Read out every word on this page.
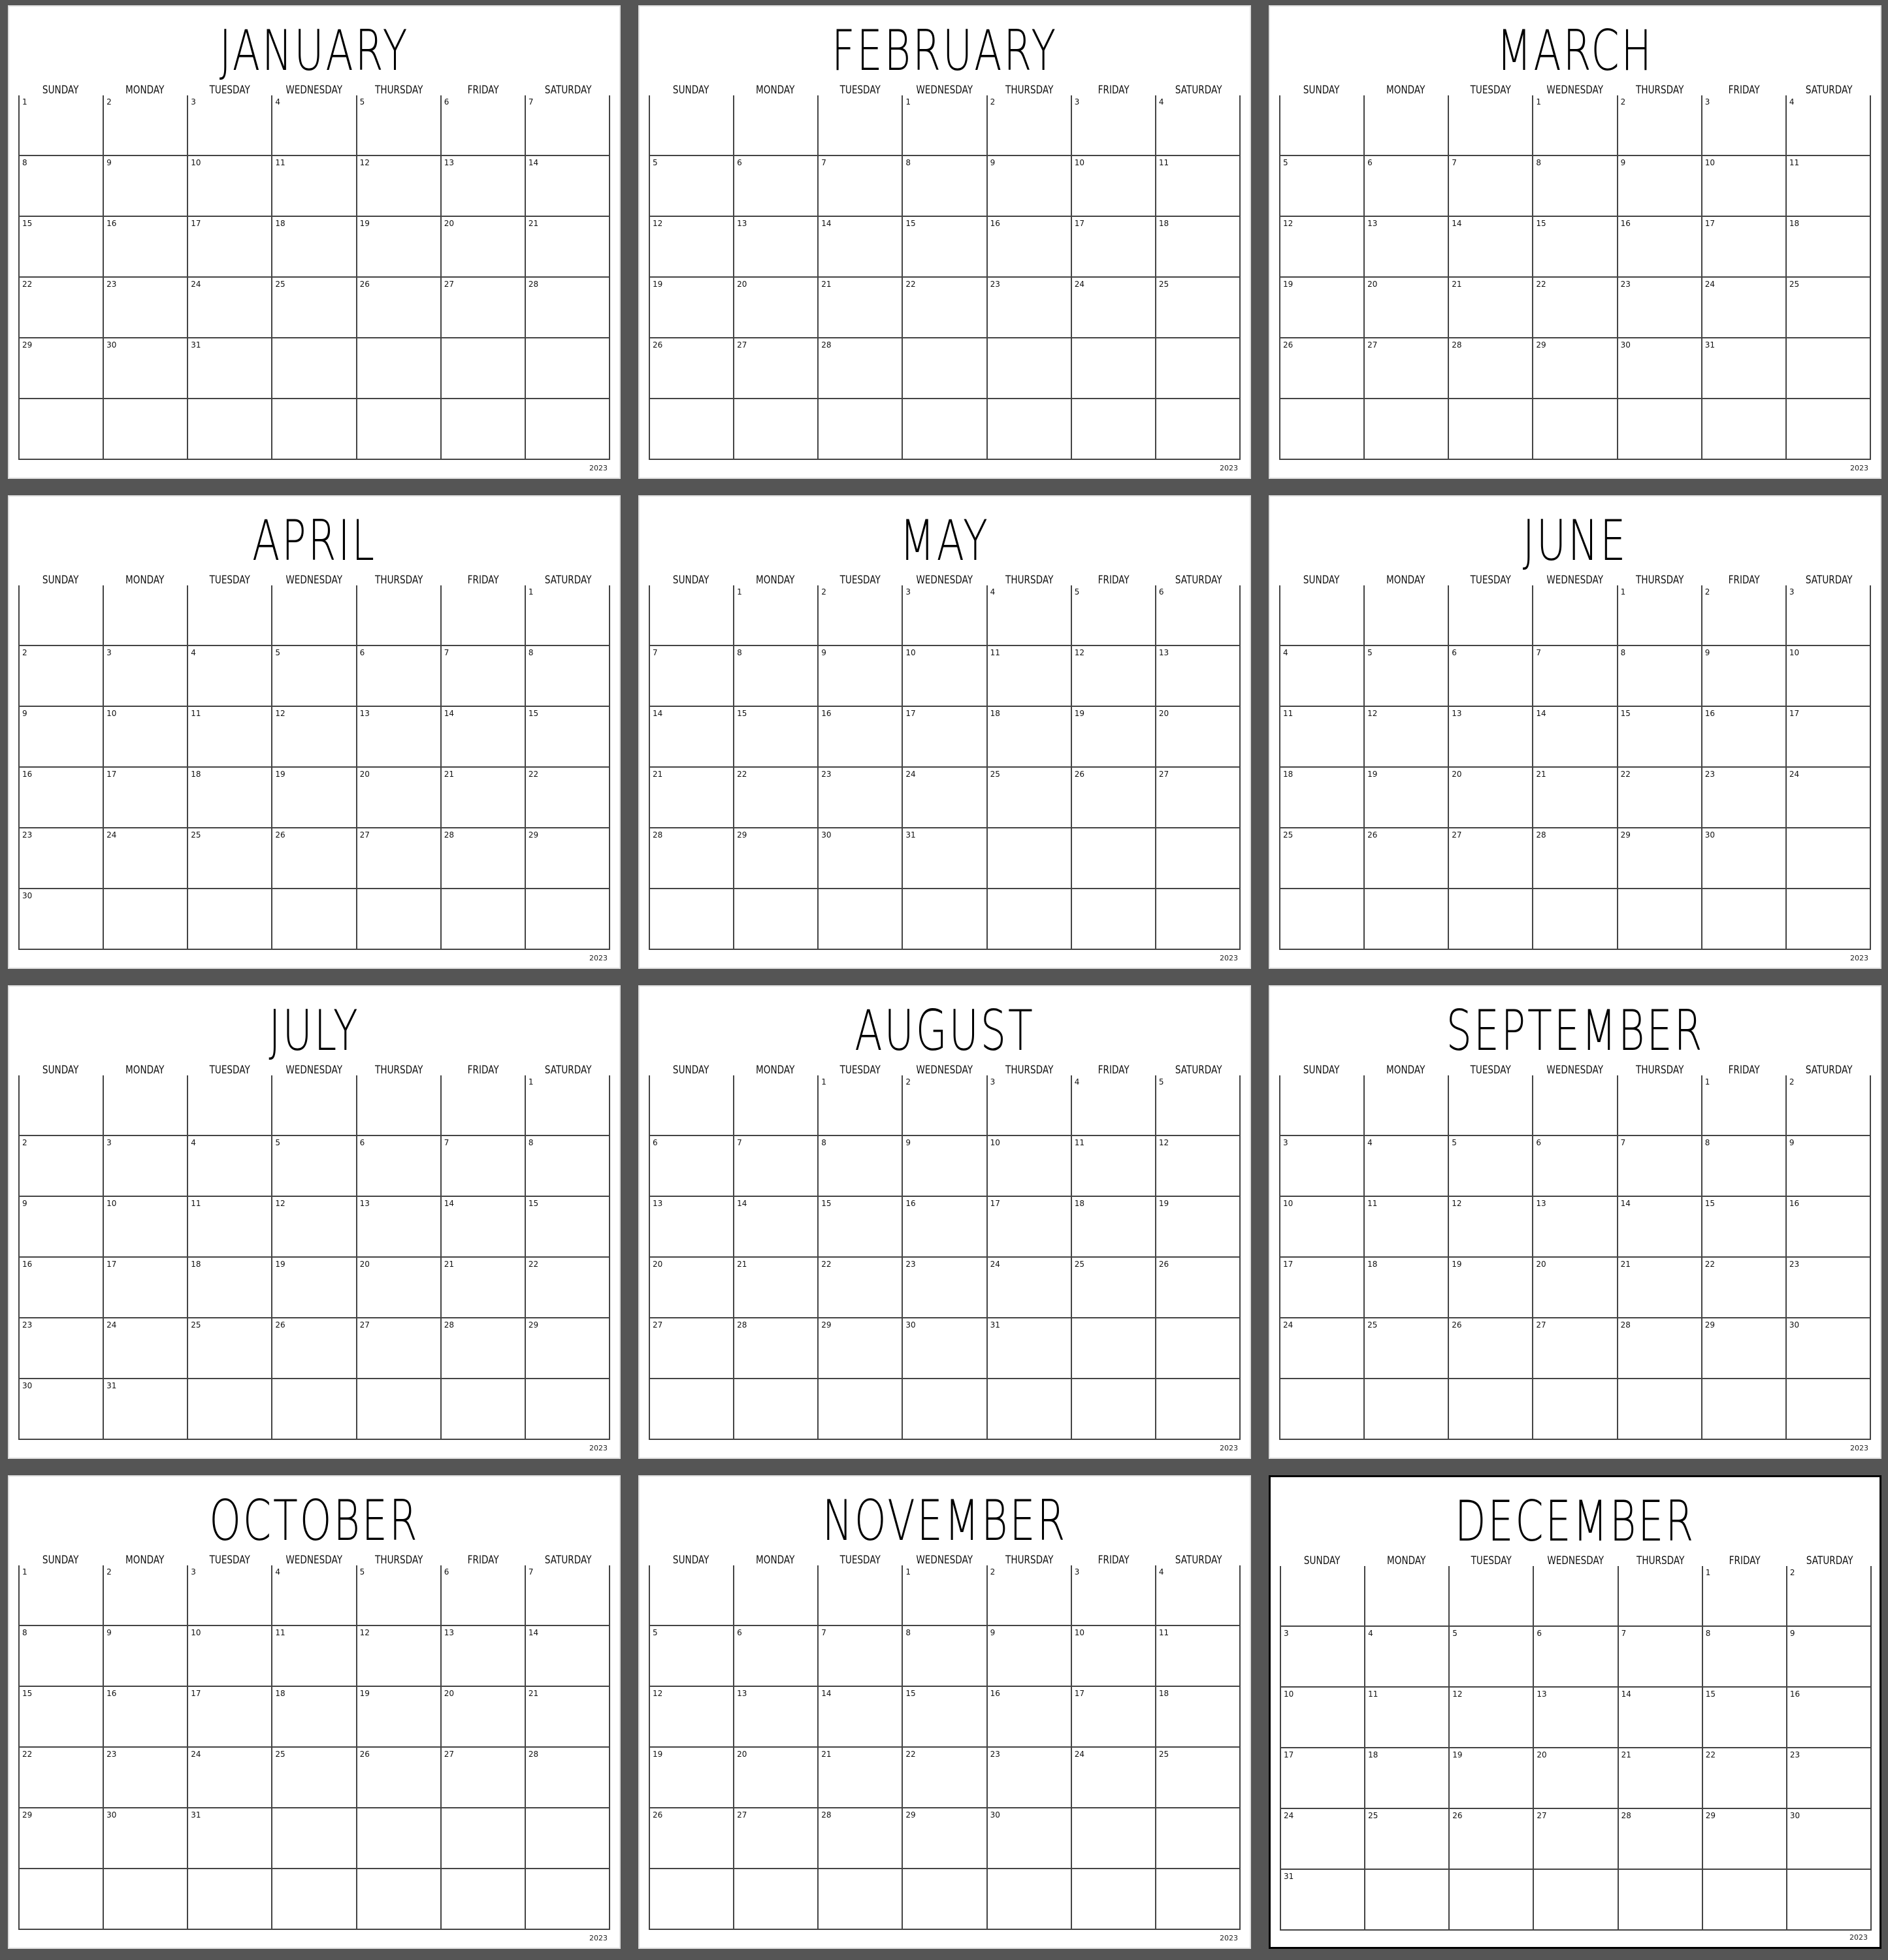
JANUARY
SUNDAY	MONDAY	TUESDAY	WEDNESDAY	THURSDAY	FRIDAY	SATURDAY
1	2	3	4	5	6	7
8	9	10	11	12	13	14
15	16	17	18	19	20	21
22	23	24	25	26	27	28
29	30	31				

2023
FEBRUARY
SUNDAY	MONDAY	TUESDAY	WEDNESDAY	THURSDAY	FRIDAY	SATURDAY
			1	2	3	4
5	6	7	8	9	10	11
12	13	14	15	16	17	18
19	20	21	22	23	24	25
26	27	28				

2023
MARCH
SUNDAY	MONDAY	TUESDAY	WEDNESDAY	THURSDAY	FRIDAY	SATURDAY
			1	2	3	4
5	6	7	8	9	10	11
12	13	14	15	16	17	18
19	20	21	22	23	24	25
26	27	28	29	30	31	

2023
APRIL
SUNDAY	MONDAY	TUESDAY	WEDNESDAY	THURSDAY	FRIDAY	SATURDAY
						1
2	3	4	5	6	7	8
9	10	11	12	13	14	15
16	17	18	19	20	21	22
23	24	25	26	27	28	29
30						
2023
MAY
SUNDAY	MONDAY	TUESDAY	WEDNESDAY	THURSDAY	FRIDAY	SATURDAY
	1	2	3	4	5	6
7	8	9	10	11	12	13
14	15	16	17	18	19	20
21	22	23	24	25	26	27
28	29	30	31			

2023
JUNE
SUNDAY	MONDAY	TUESDAY	WEDNESDAY	THURSDAY	FRIDAY	SATURDAY
				1	2	3
4	5	6	7	8	9	10
11	12	13	14	15	16	17
18	19	20	21	22	23	24
25	26	27	28	29	30	

2023
JULY
SUNDAY	MONDAY	TUESDAY	WEDNESDAY	THURSDAY	FRIDAY	SATURDAY
						1
2	3	4	5	6	7	8
9	10	11	12	13	14	15
16	17	18	19	20	21	22
23	24	25	26	27	28	29
30	31					
2023
AUGUST
SUNDAY	MONDAY	TUESDAY	WEDNESDAY	THURSDAY	FRIDAY	SATURDAY
		1	2	3	4	5
6	7	8	9	10	11	12
13	14	15	16	17	18	19
20	21	22	23	24	25	26
27	28	29	30	31		

2023
SEPTEMBER
SUNDAY	MONDAY	TUESDAY	WEDNESDAY	THURSDAY	FRIDAY	SATURDAY
					1	2
3	4	5	6	7	8	9
10	11	12	13	14	15	16
17	18	19	20	21	22	23
24	25	26	27	28	29	30

2023
OCTOBER
SUNDAY	MONDAY	TUESDAY	WEDNESDAY	THURSDAY	FRIDAY	SATURDAY
1	2	3	4	5	6	7
8	9	10	11	12	13	14
15	16	17	18	19	20	21
22	23	24	25	26	27	28
29	30	31				

2023
NOVEMBER
SUNDAY	MONDAY	TUESDAY	WEDNESDAY	THURSDAY	FRIDAY	SATURDAY
			1	2	3	4
5	6	7	8	9	10	11
12	13	14	15	16	17	18
19	20	21	22	23	24	25
26	27	28	29	30		

2023
DECEMBER
SUNDAY	MONDAY	TUESDAY	WEDNESDAY	THURSDAY	FRIDAY	SATURDAY
					1	2
3	4	5	6	7	8	9
10	11	12	13	14	15	16
17	18	19	20	21	22	23
24	25	26	27	28	29	30
31						
2023
